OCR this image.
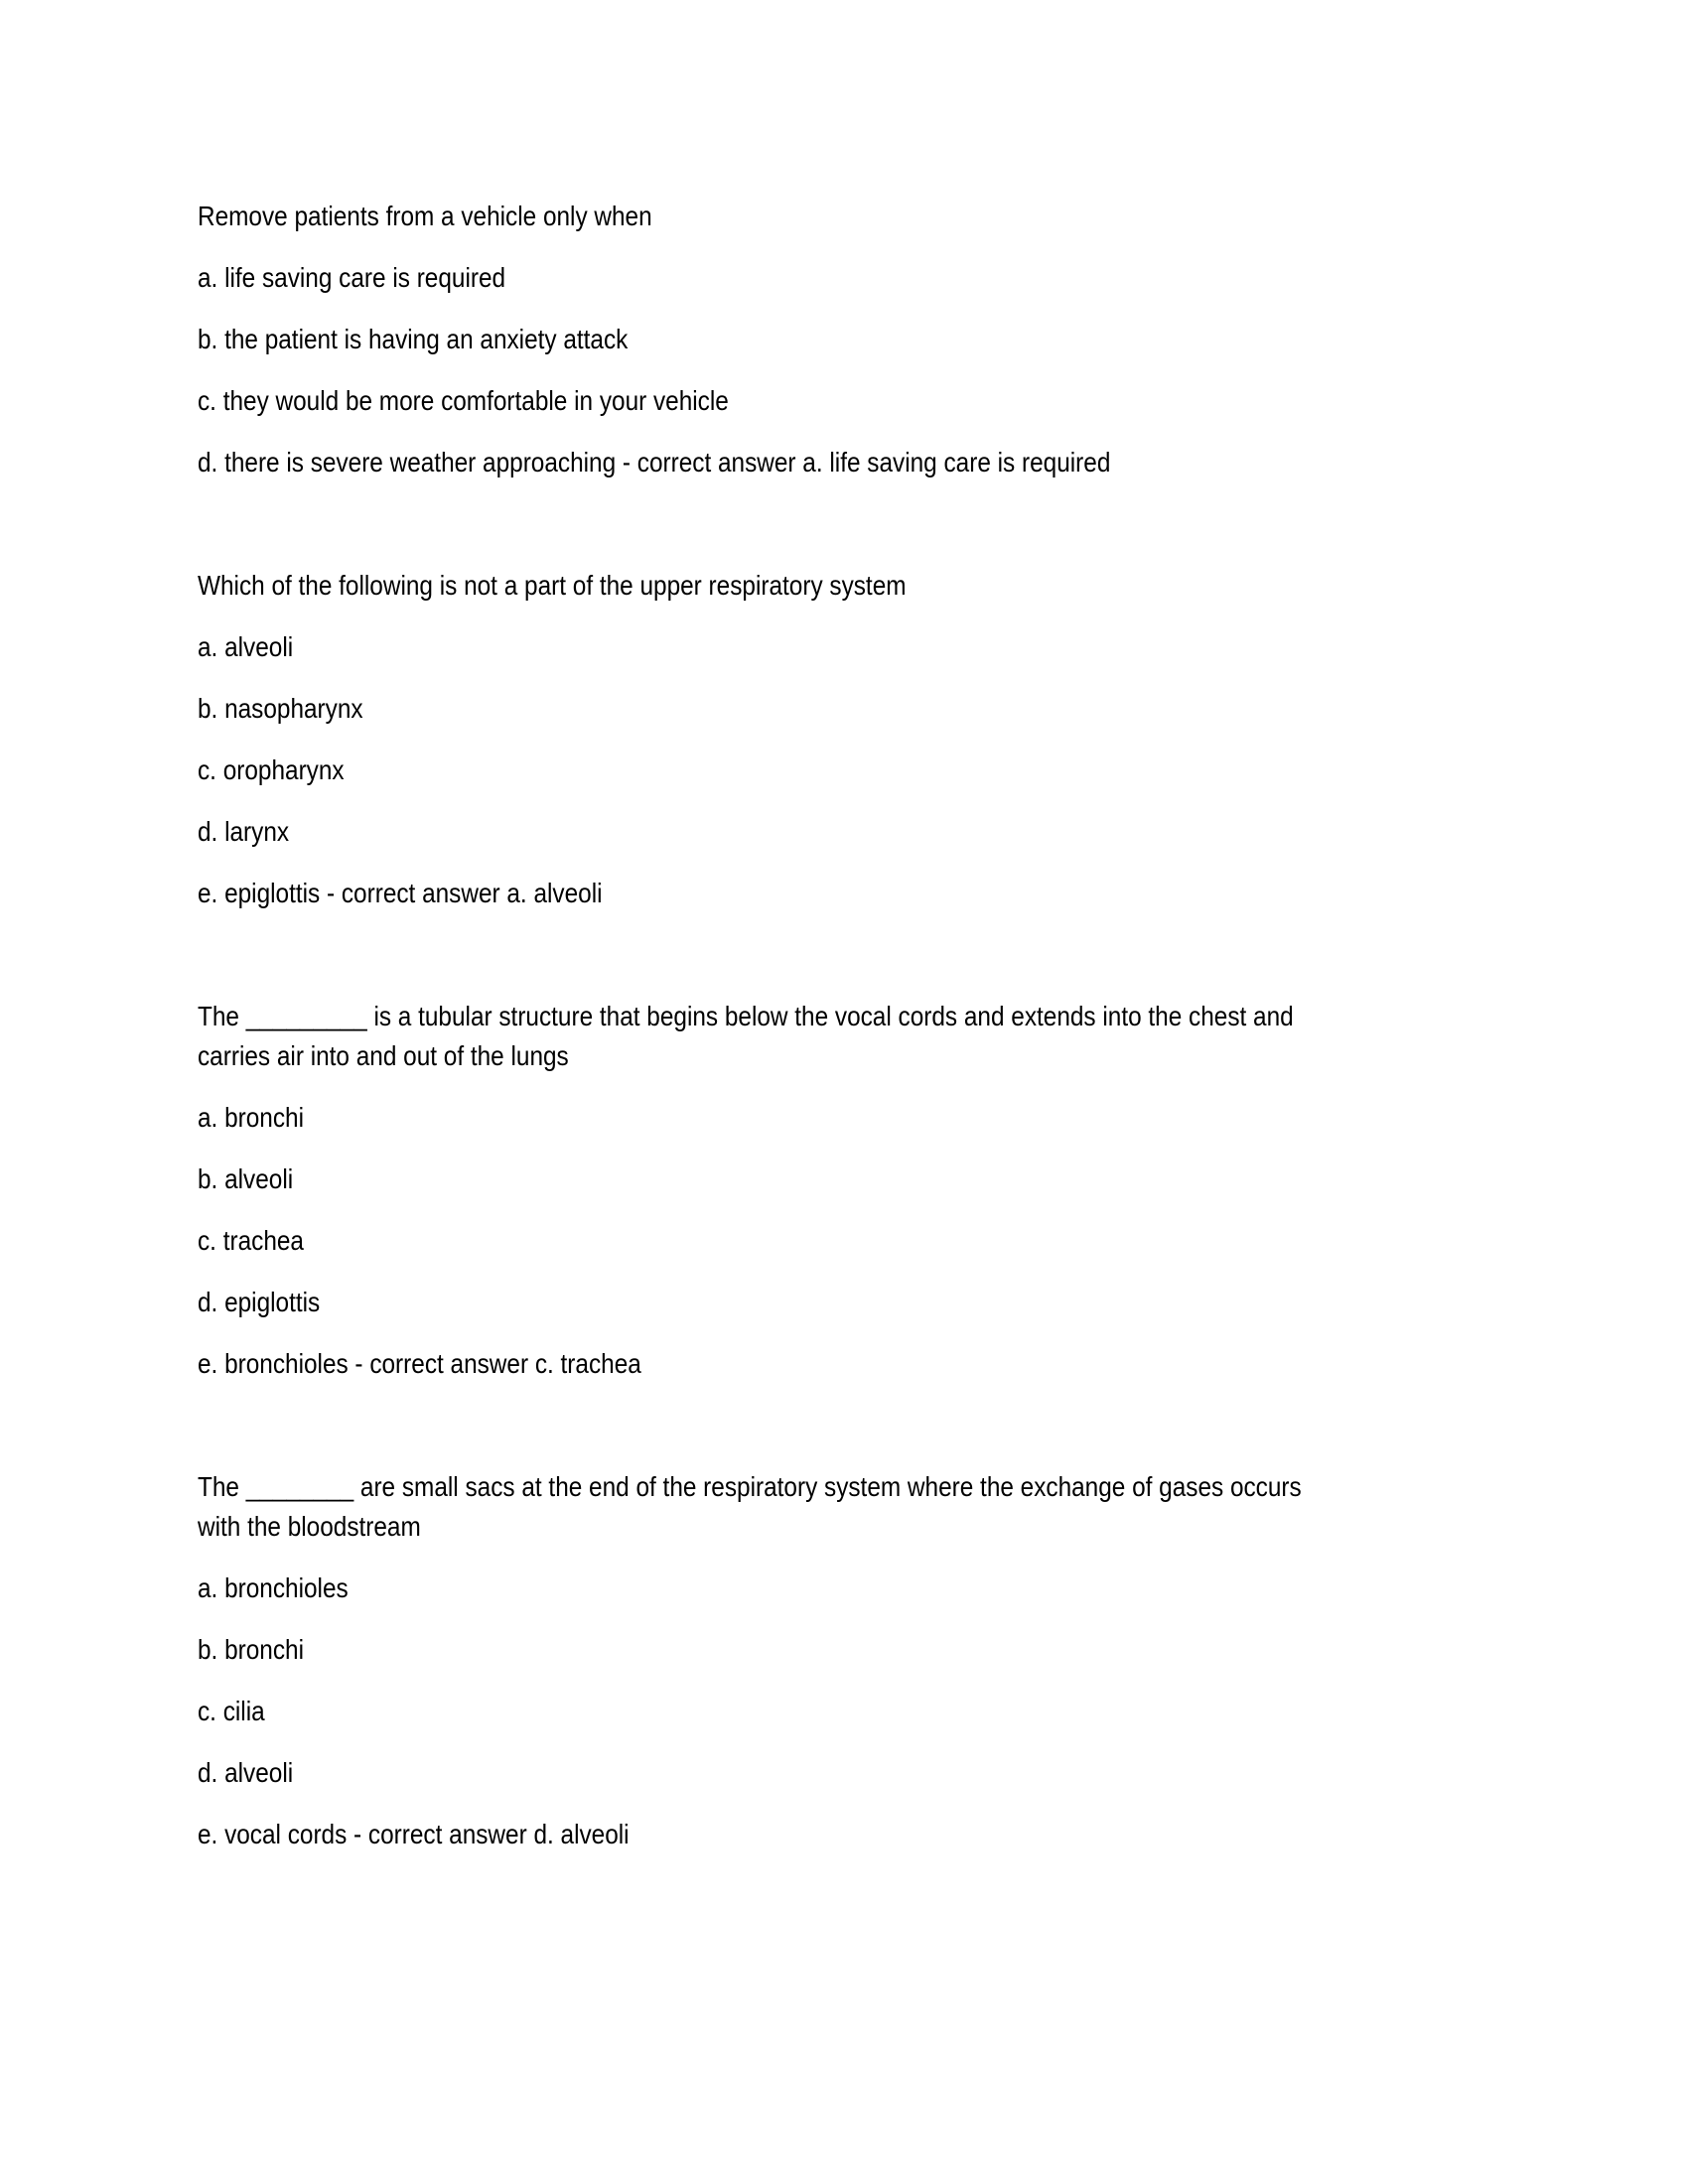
Remove patients from a vehicle only when
a. life saving care is required
b. the patient is having an anxiety attack
c. they would be more comfortable in your vehicle
d. there is severe weather approaching - correct answer a. life saving care is required
Which of the following is not a part of the upper respiratory system
a. alveoli
b. nasopharynx
c. oropharynx
d. larynx
e. epiglottis - correct answer a. alveoli
The _________ is a tubular structure that begins below the vocal cords and extends into the chest and
carries air into and out of the lungs
a. bronchi
b. alveoli
c. trachea
d. epiglottis
e. bronchioles - correct answer c. trachea
The ________ are small sacs at the end of the respiratory system where the exchange of gases occurs
with the bloodstream
a. bronchioles
b. bronchi
c. cilia
d. alveoli
e. vocal cords - correct answer d. alveoli
